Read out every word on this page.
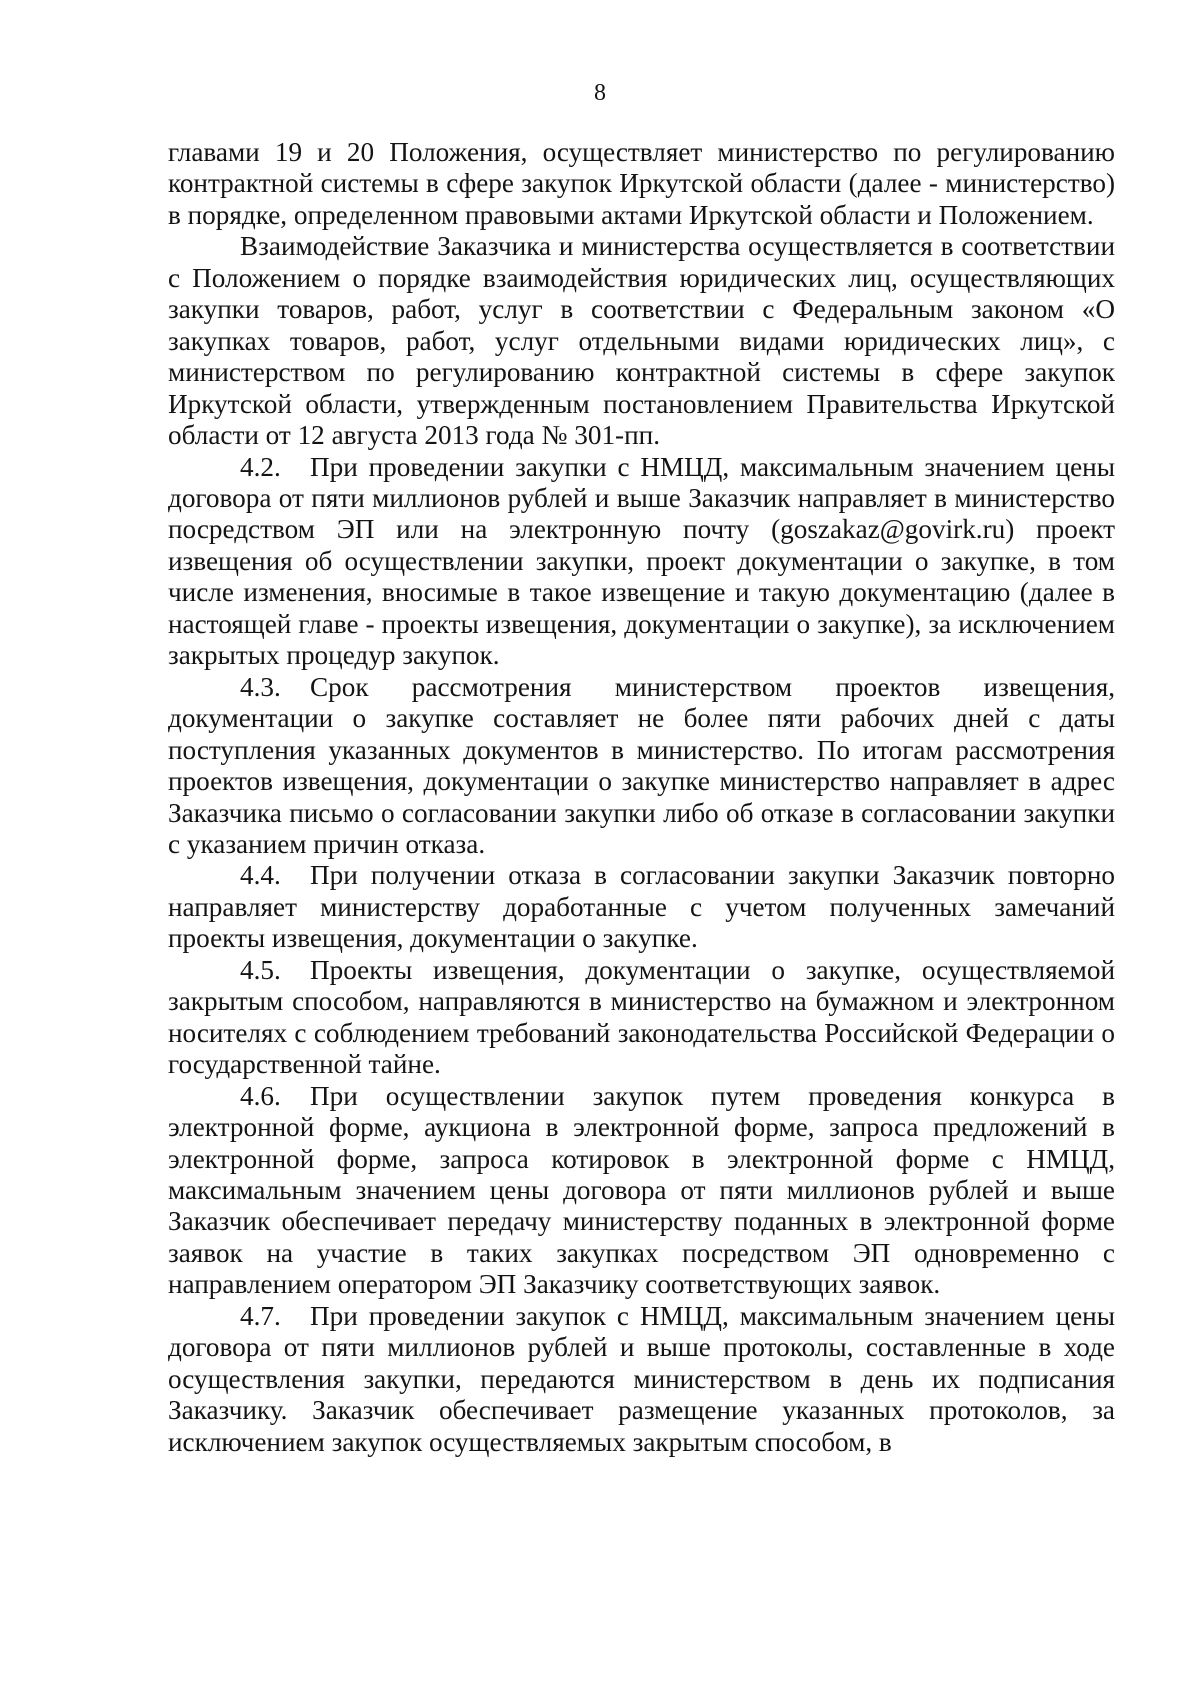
8

главами 19 и 20 Положения, осуществляет министерство по регулированию контрактной системы в сфере закупок Иркутской области (далее - министерство) в порядке, определенном правовыми актами Иркутской области и Положением.

Взаимодействие Заказчика и министерства осуществляется в соответствии с Положением о порядке взаимодействия юридических лиц, осуществляющих закупки товаров, работ, услуг в соответствии с Федеральным законом «О закупках товаров, работ, услуг отдельными видами юридических лиц», с министерством по регулированию контрактной системы в сфере закупок Иркутской области, утвержденным постановлением Правительства Иркутской области от 12 августа 2013 года № 301-пп.

4.2. При проведении закупки с НМЦД, максимальным значением цены договора от пяти миллионов рублей и выше Заказчик направляет в министерство посредством ЭП или на электронную почту (goszakaz@govirk.ru) проект извещения об осуществлении закупки, проект документации о закупке, в том числе изменения, вносимые в такое извещение и такую документацию (далее в настоящей главе - проекты извещения, документации о закупке), за исключением закрытых процедур закупок.

4.3. Срок рассмотрения министерством проектов извещения, документации о закупке составляет не более пяти рабочих дней с даты поступления указанных документов в министерство. По итогам рассмотрения проектов извещения, документации о закупке министерство направляет в адрес Заказчика письмо о согласовании закупки либо об отказе в согласовании закупки с указанием причин отказа.

4.4. При получении отказа в согласовании закупки Заказчик повторно направляет министерству доработанные с учетом полученных замечаний проекты извещения, документации о закупке.

4.5. Проекты извещения, документации о закупке, осуществляемой закрытым способом, направляются в министерство на бумажном и электронном носителях с соблюдением требований законодательства Российской Федерации о государственной тайне.

4.6. При осуществлении закупок путем проведения конкурса в электронной форме, аукциона в электронной форме, запроса предложений в электронной форме, запроса котировок в электронной форме с НМЦД, максимальным значением цены договора от пяти миллионов рублей и выше Заказчик обеспечивает передачу министерству поданных в электронной форме заявок на участие в таких закупках посредством ЭП одновременно с направлением оператором ЭП Заказчику соответствующих заявок.

4.7. При проведении закупок с НМЦД, максимальным значением цены договора от пяти миллионов рублей и выше протоколы, составленные в ходе осуществления закупки, передаются министерством в день их подписания Заказчику. Заказчик обеспечивает размещение указанных протоколов, за исключением закупок осуществляемых закрытым способом, в
